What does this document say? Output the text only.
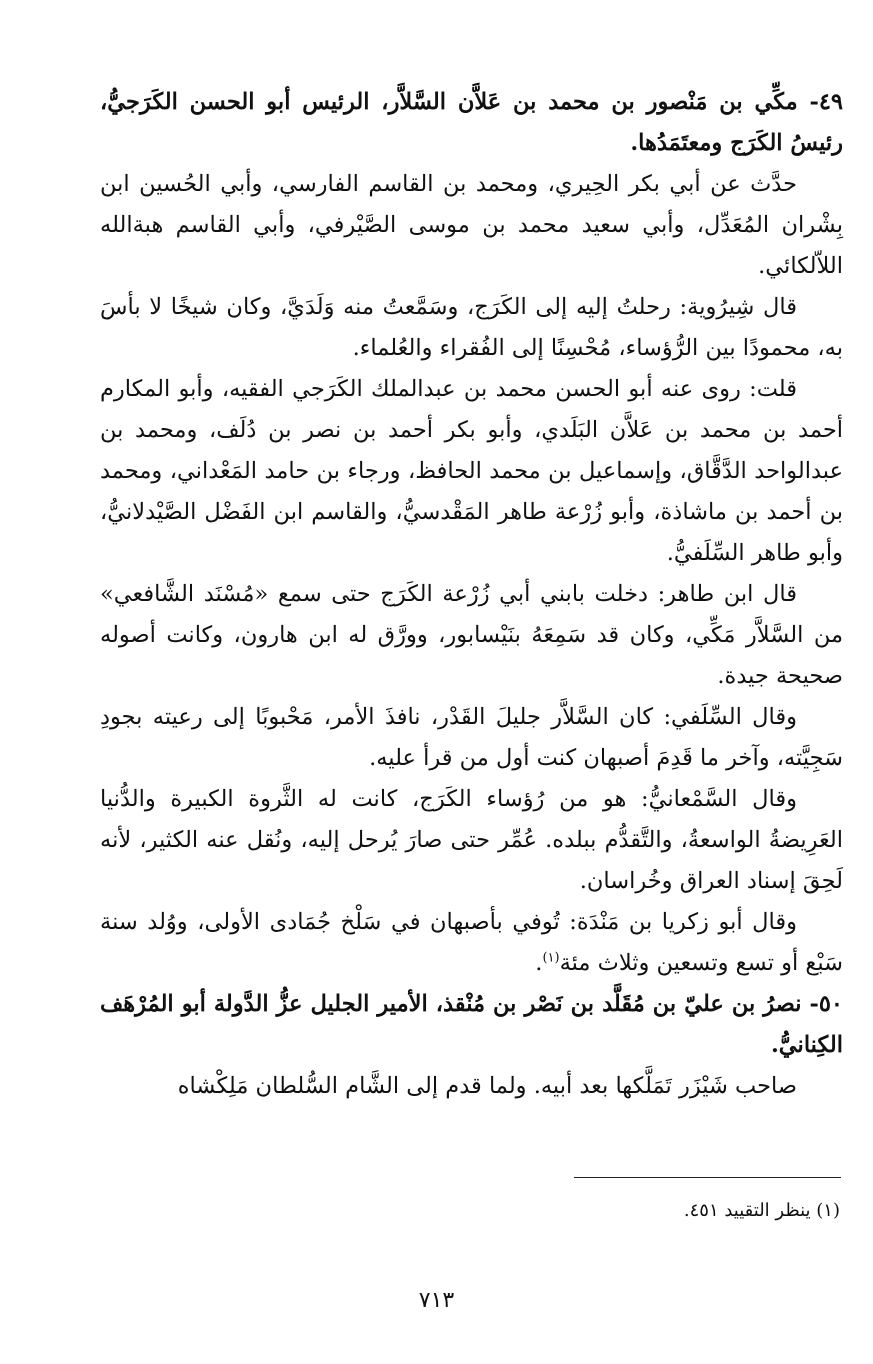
٤٩- مكِّي بن مَنْصور بن محمد بن عَلاَّن السَّلاَّر، الرئيس أبو الحسن الكَرَجيُّ، رئيسُ الكَرَج ومعتَمَدُها.

حدَّث عن أبي بكر الحِيري، ومحمد بن القاسم الفارسي، وأبي الحُسين ابن بِشْران المُعَدِّل، وأبي سعيد محمد بن موسى الصَّيْرفي، وأبي القاسم هبةالله اللاّلكائي.

قال شِيرُوية: رحلتُ إليه إلى الكَرَج، وسَمَّعتُ منه وَلَدَيَّ، وكان شيخًا لا بأسَ به، محمودًا بين الرُّؤساء، مُحْسِنًا إلى الفُقراء والعُلماء.

قلت: روى عنه أبو الحسن محمد بن عبدالملك الكَرَجي الفقيه، وأبو المكارم أحمد بن محمد بن عَلاَّن البَلَدي، وأبو بكر أحمد بن نصر بن دُلَف، ومحمد بن عبدالواحد الدَّقَّاق، وإسماعيل بن محمد الحافظ، ورجاء بن حامد المَعْداني، ومحمد بن أحمد بن ماشاذة، وأبو زُرْعة طاهر المَقْدسيُّ، والقاسم ابن الفَضْل الصَّيْدلانيُّ، وأبو طاهر السِّلَفيُّ.

قال ابن طاهر: دخلت بابني أبي زُرْعة الكَرَج حتى سمع «مُسْنَد الشَّافعي» من السَّلاَّر مَكِّي، وكان قد سَمِعَهُ بنَيْسابور، وورَّق له ابن هارون، وكانت أصوله صحيحة جيدة.

وقال السِّلَفي: كان السَّلاَّر جليلَ القَدْر، نافذَ الأمر، مَحْبوبًا إلى رعيته بجودِ سَجِيَّته، وآخر ما قَدِمَ أصبهان كنت أول من قرأ عليه.

وقال السَّمْعانيُّ: هو من رُؤساء الكَرَج، كانت له الثَّروة الكبيرة والدُّنيا العَرِيضةُ الواسعةُ، والتَّقدُّم ببلده. عُمِّر حتى صارَ يُرحل إليه، ونُقل عنه الكثير، لأنه لَحِقَ إسناد العراق وخُراسان.

وقال أبو زكريا بن مَنْدَة: تُوفي بأصبهان في سَلْخ جُمَادى الأولى، ووُلد سنة سَبْع أو تسع وتسعين وثلاث مئة$^{(١)}$.

٥٠- نصرُ بن عليّ بن مُقَلَّد بن نَصْر بن مُنْقذ، الأمير الجليل عزُّ الدَّولة أبو المُرْهَف الكِنانيُّ.

صاحب شَيْزَر تَمَلَّكها بعد أبيه. ولما قدم إلى الشَّام السُّلطان مَلِكْشاه

(١) ينظر التقييد ٤٥١.
٧١٣
